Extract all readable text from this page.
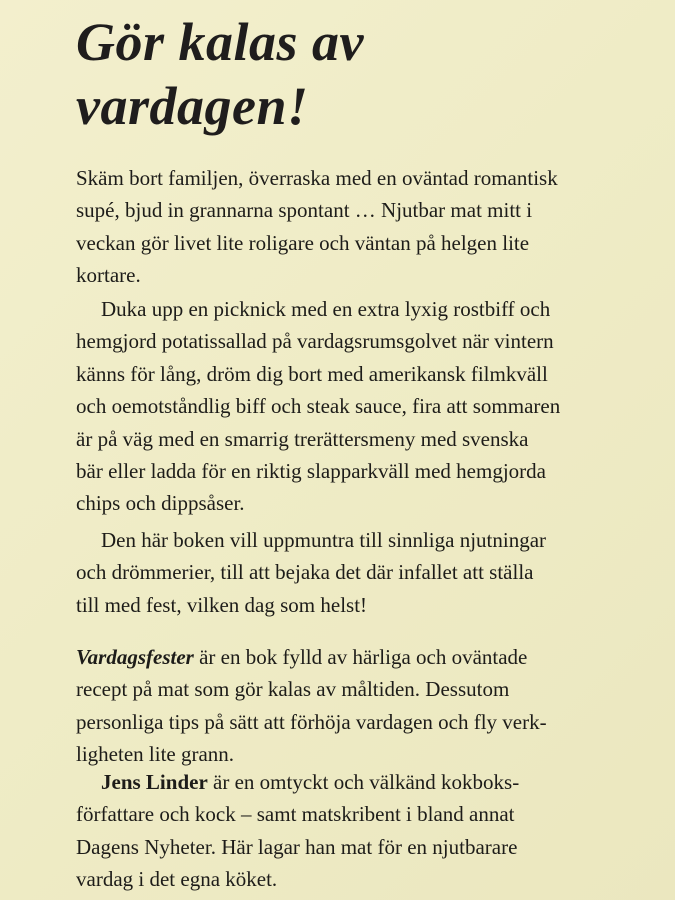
Gör kalas av
vardagen!

Skäm bort familjen, överraska med en oväntad romantisk
supé, bjud in grannarna spontant … Njutbar mat mitt i
veckan gör livet lite roligare och väntan på helgen lite
kortare.

Duka upp en picknick med en extra lyxig rostbiff och
hemgjord potatissallad på vardagsrumsgolvet när vintern
känns för lång, dröm dig bort med amerikansk filmkväll
och oemotståndlig biff och steak sauce, fira att sommaren
är på väg med en smarrig trerättersmeny med svenska
bär eller ladda för en riktig slapparkväll med hemgjorda
chips och dippsåser.

Den här boken vill uppmuntra till sinnliga njutningar
och drömmerier, till att bejaka det där infallet att ställa
till med fest, vilken dag som helst!

Vardagsfester är en bok fylld av härliga och oväntade
recept på mat som gör kalas av måltiden. Dessutom
personliga tips på sätt att förhöja vardagen och fly verk-
ligheten lite grann.

Jens Linder är en omtyckt och välkänd kokboks-
författare och kock – samt matskribent i bland annat
Dagens Nyheter. Här lagar han mat för en njutbarare
vardag i det egna köket.
